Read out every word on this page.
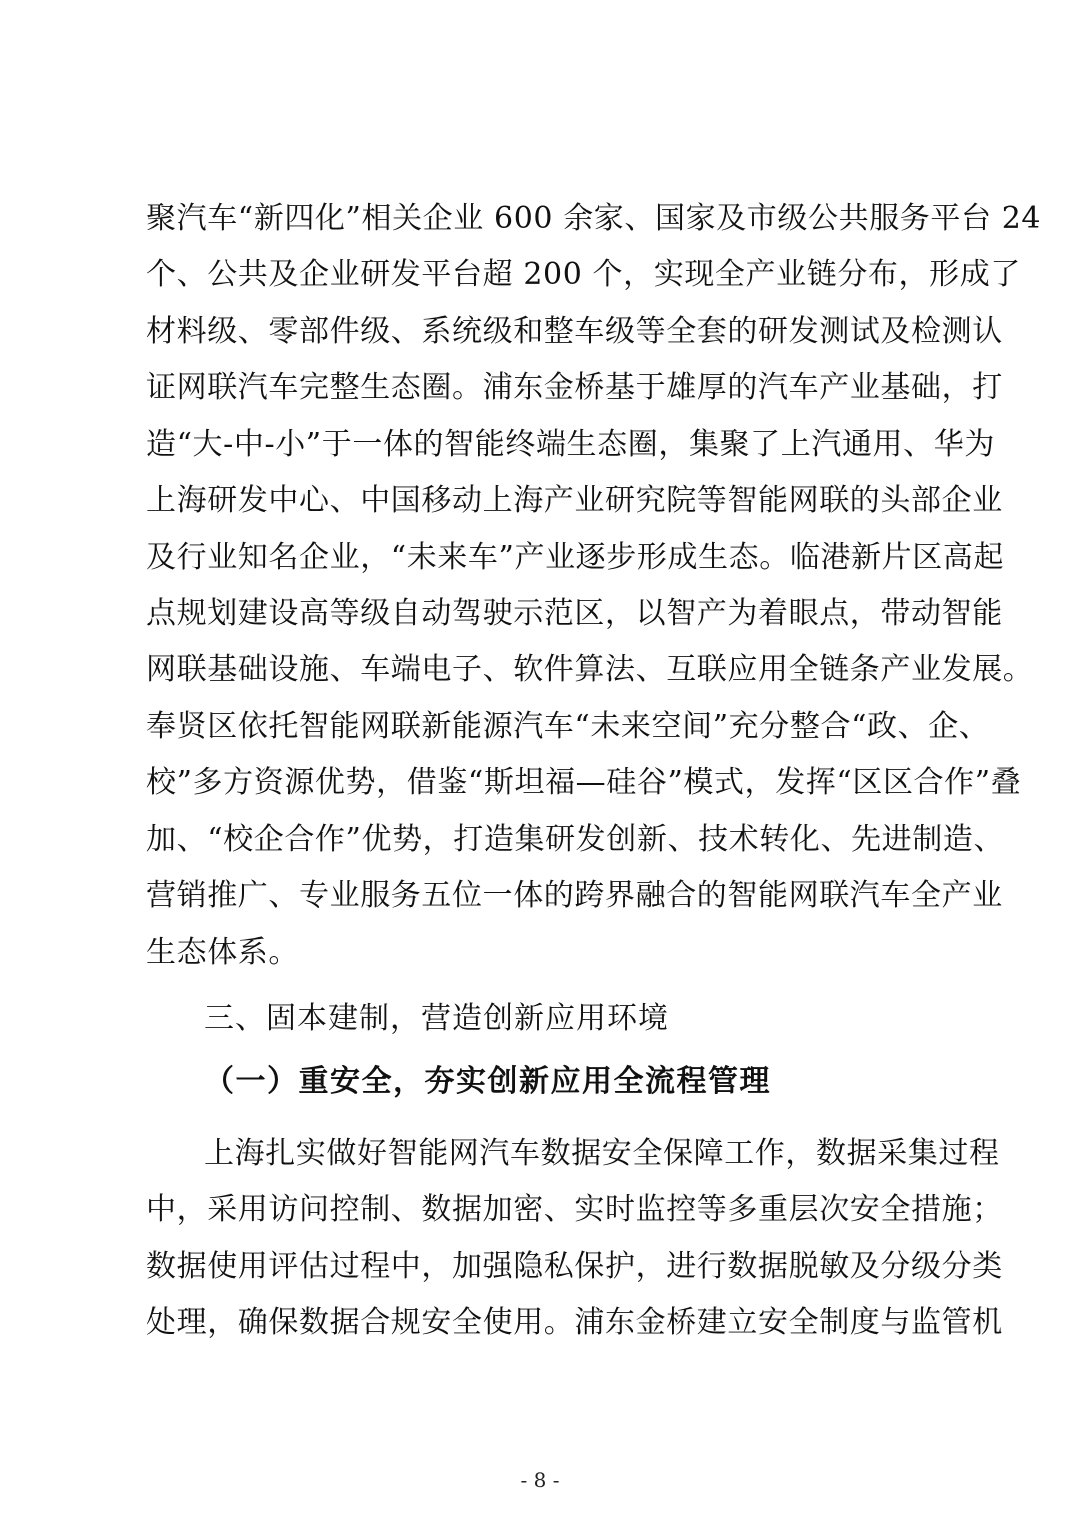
聚汽车“新四化”相关企业 600 余家、国家及市级公共服务平台 24
个、公共及企业研发平台超 200 个，实现全产业链分布，形成了
材料级、零部件级、系统级和整车级等全套的研发测试及检测认
证网联汽车完整生态圈。浦东金桥基于雄厚的汽车产业基础，打
造“大-中-小”于一体的智能终端生态圈，集聚了上汽通用、华为
上海研发中心、中国移动上海产业研究院等智能网联的头部企业
及行业知名企业，“未来车”产业逐步形成生态。临港新片区高起
点规划建设高等级自动驾驶示范区，以智产为着眼点，带动智能
网联基础设施、车端电子、软件算法、互联应用全链条产业发展。
奉贤区依托智能网联新能源汽车“未来空间”充分整合“政、企、
校”多方资源优势，借鉴“斯坦福—硅谷”模式，发挥“区区合作”叠
加、“校企合作”优势，打造集研发创新、技术转化、先进制造、
营销推广、专业服务五位一体的跨界融合的智能网联汽车全产业
生态体系。
三、固本建制，营造创新应用环境
（一）重安全，夯实创新应用全流程管理
上海扎实做好智能网汽车数据安全保障工作，数据采集过程
中，采用访问控制、数据加密、实时监控等多重层次安全措施；
数据使用评估过程中，加强隐私保护，进行数据脱敏及分级分类
处理，确保数据合规安全使用。浦东金桥建立安全制度与监管机
- 8 -
